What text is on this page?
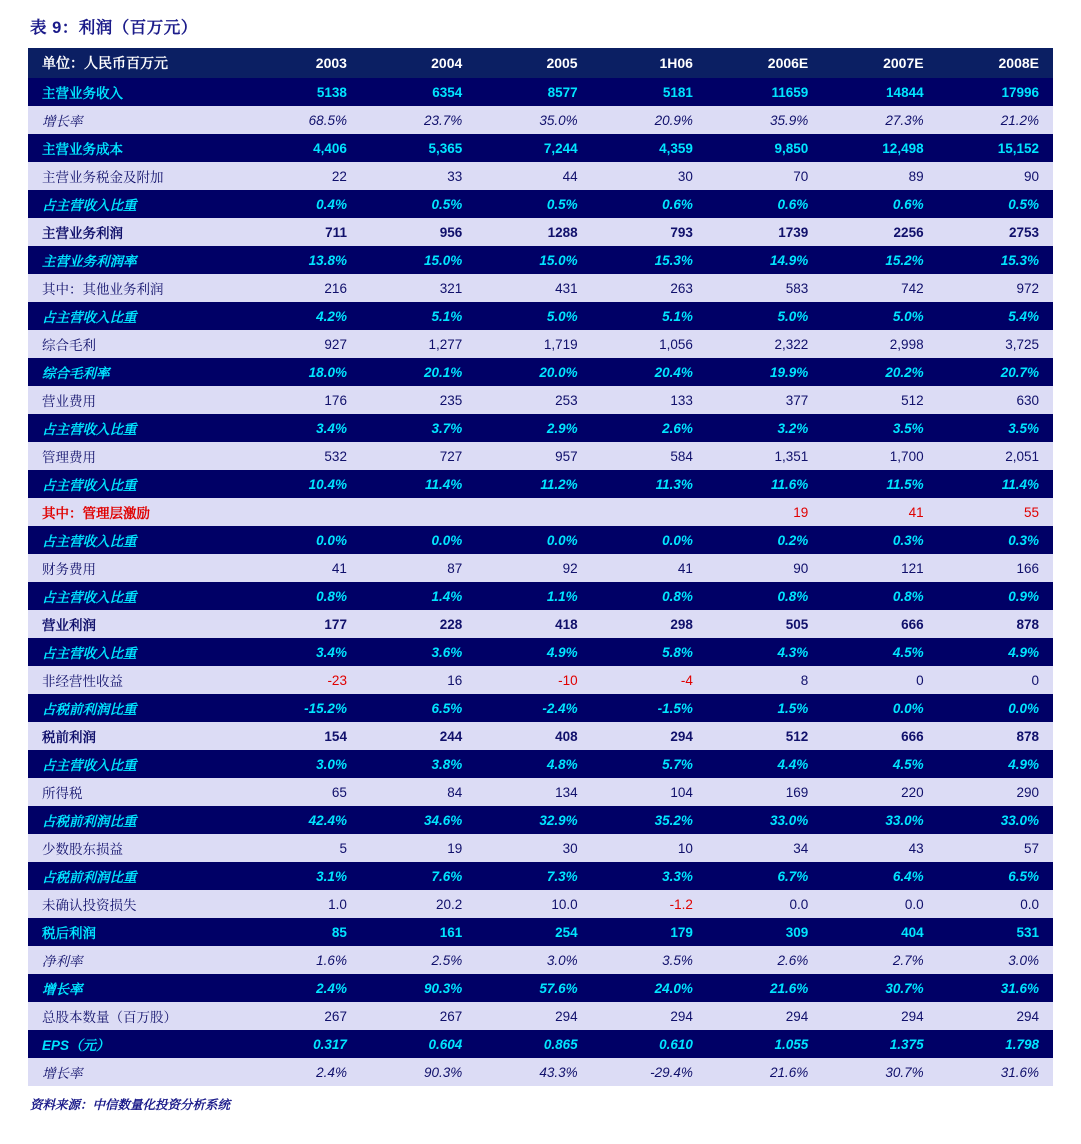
表 9：利润（百万元）
单位：人民币百万元	2003	2004	2005	1H06	2006E	2007E	2008E
主营业务收入	5138	6354	8577	5181	11659	14844	17996
增长率	68.5%	23.7%	35.0%	20.9%	35.9%	27.3%	21.2%
主营业务成本	4,406	5,365	7,244	4,359	9,850	12,498	15,152
主营业务税金及附加	22	33	44	30	70	89	90
占主营收入比重	0.4%	0.5%	0.5%	0.6%	0.6%	0.6%	0.5%
主营业务利润	711	956	1288	793	1739	2256	2753
主营业务利润率	13.8%	15.0%	15.0%	15.3%	14.9%	15.2%	15.3%
其中：其他业务利润	216	321	431	263	583	742	972
占主营收入比重	4.2%	5.1%	5.0%	5.1%	5.0%	5.0%	5.4%
综合毛利	927	1,277	1,719	1,056	2,322	2,998	3,725
综合毛利率	18.0%	20.1%	20.0%	20.4%	19.9%	20.2%	20.7%
营业费用	176	235	253	133	377	512	630
占主营收入比重	3.4%	3.7%	2.9%	2.6%	3.2%	3.5%	3.5%
管理费用	532	727	957	584	1,351	1,700	2,051
占主营收入比重	10.4%	11.4%	11.2%	11.3%	11.6%	11.5%	11.4%
其中：管理层激励					19	41	55
占主营收入比重	0.0%	0.0%	0.0%	0.0%	0.2%	0.3%	0.3%
财务费用	41	87	92	41	90	121	166
占主营收入比重	0.8%	1.4%	1.1%	0.8%	0.8%	0.8%	0.9%
营业利润	177	228	418	298	505	666	878
占主营收入比重	3.4%	3.6%	4.9%	5.8%	4.3%	4.5%	4.9%
非经营性收益	-23	16	-10	-4	8	0	0
占税前利润比重	-15.2%	6.5%	-2.4%	-1.5%	1.5%	0.0%	0.0%
税前利润	154	244	408	294	512	666	878
占主营收入比重	3.0%	3.8%	4.8%	5.7%	4.4%	4.5%	4.9%
所得税	65	84	134	104	169	220	290
占税前利润比重	42.4%	34.6%	32.9%	35.2%	33.0%	33.0%	33.0%
少数股东损益	5	19	30	10	34	43	57
占税前利润比重	3.1%	7.6%	7.3%	3.3%	6.7%	6.4%	6.5%
未确认投资损失	1.0	20.2	10.0	-1.2	0.0	0.0	0.0
税后利润	85	161	254	179	309	404	531
净利率	1.6%	2.5%	3.0%	3.5%	2.6%	2.7%	3.0%
增长率	2.4%	90.3%	57.6%	24.0%	21.6%	30.7%	31.6%
总股本数量（百万股）	267	267	294	294	294	294	294
EPS（元）	0.317	0.604	0.865	0.610	1.055	1.375	1.798
增长率	2.4%	90.3%	43.3%	-29.4%	21.6%	30.7%	31.6%
资料来源：中信数量化投资分析系统
